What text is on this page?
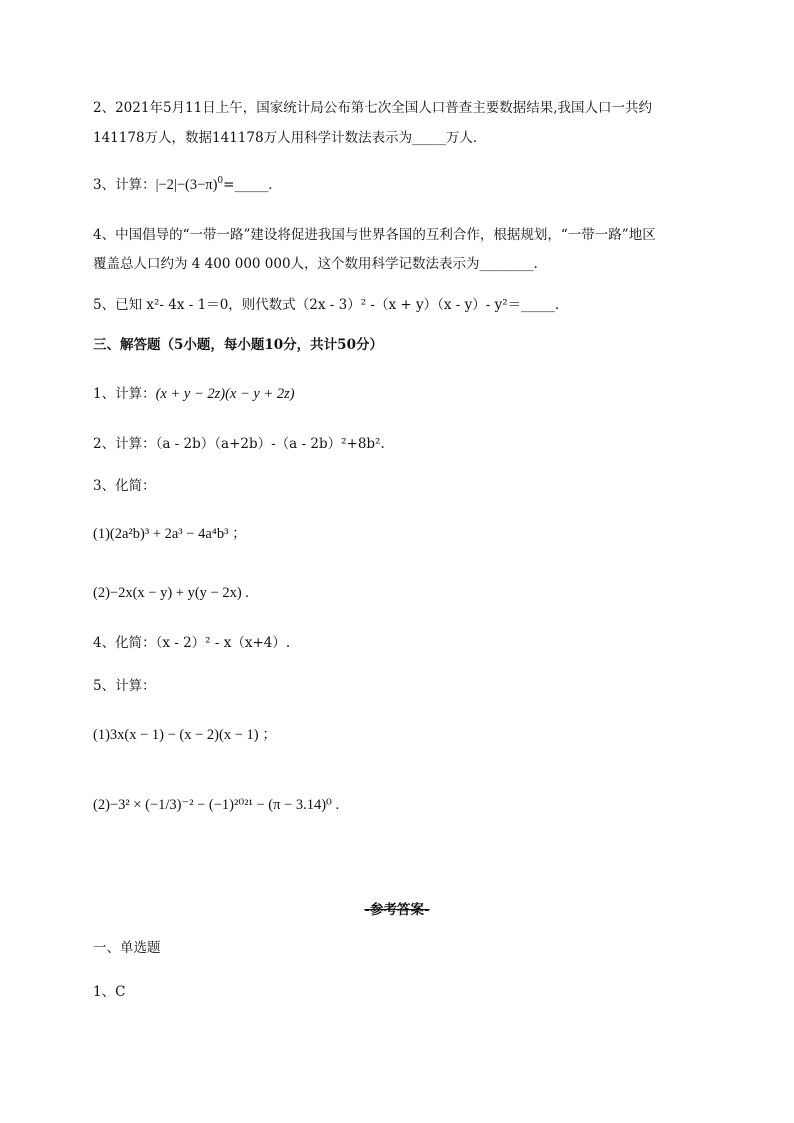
2、2021年5月11日上午，国家统计局公布第七次全国人口普查主要数据结果,我国人口一共约
141178万人，数据141178万人用科学计数法表示为_____万人．
3、计算：$|-2|-(3-\pi)^0=\_\_\_\_\_$．
4、中国倡导的“一带一路”建设将促进我国与世界各国的互利合作，根据规划，“一带一路”地区
覆盖总人口约为 4 400 000 000人，这个数用科学记数法表示为________.
5、已知 x²- 4x - 1＝0，则代数式（2x - 3）² -（x + y）（x - y）- y²＝_____.
三、解答题（5小题，每小题10分，共计50分）
1、计算：(x + y − 2z)(x − y + 2z)
2、计算：（a - 2b）（a+2b）-（a - 2b）²+8b².
3、化简：
(1)(2a²b)³ + 2a³ − 4a⁴b³ ；
(2)−2x(x − y) + y(y − 2x) .
4、化简：（x - 2）² - x（x+4）.
5、计算：
(1)3x(x − 1) − (x − 2)(x − 1) ；
(2)−3² × (−1/3)⁻² − (−1)²⁰²¹ − (π − 3.14)⁰ .
-参考答案-
一、单选题
1、C
